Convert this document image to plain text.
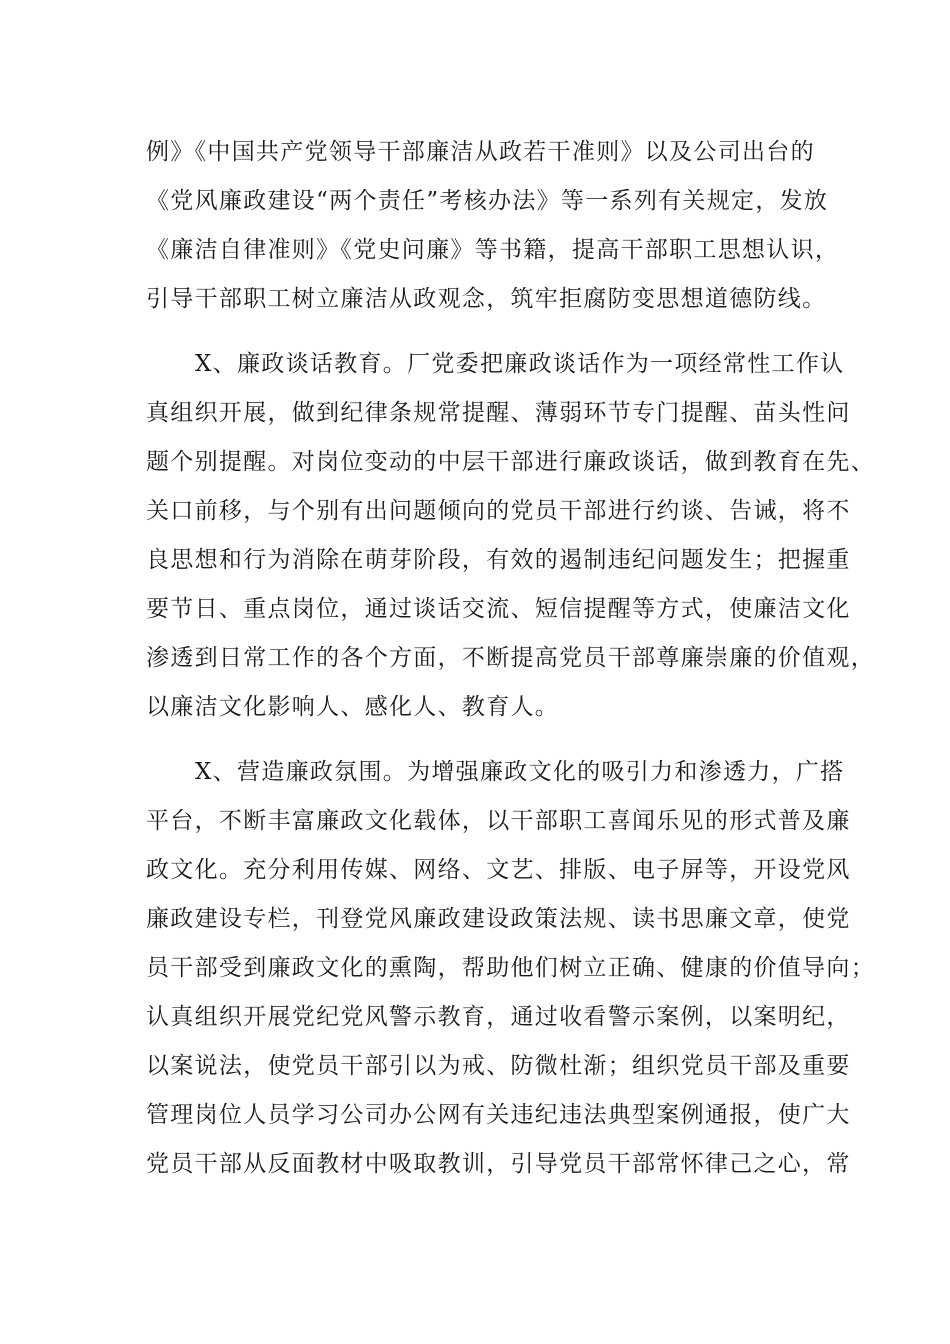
例》《中国共产党领导干部廉洁从政若干准则》以及公司出台的
《党风廉政建设“两个责任”考核办法》等一系列有关规定，发放
《廉洁自律准则》《党史问廉》等书籍，提高干部职工思想认识，
引导干部职工树立廉洁从政观念，筑牢拒腐防变思想道德防线。
X、廉政谈话教育。厂党委把廉政谈话作为一项经常性工作认
真组织开展，做到纪律条规常提醒、薄弱环节专门提醒、苗头性问
题个别提醒。对岗位变动的中层干部进行廉政谈话，做到教育在先、
关口前移，与个别有出问题倾向的党员干部进行约谈、告诫，将不
良思想和行为消除在萌芽阶段，有效的遏制违纪问题发生；把握重
要节日、重点岗位，通过谈话交流、短信提醒等方式，使廉洁文化
渗透到日常工作的各个方面，不断提高党员干部尊廉崇廉的价值观，
以廉洁文化影响人、感化人、教育人。
X、营造廉政氛围。为增强廉政文化的吸引力和渗透力，广搭
平台，不断丰富廉政文化载体，以干部职工喜闻乐见的形式普及廉
政文化。充分利用传媒、网络、文艺、排版、电子屏等，开设党风
廉政建设专栏，刊登党风廉政建设政策法规、读书思廉文章，使党
员干部受到廉政文化的熏陶，帮助他们树立正确、健康的价值导向；
认真组织开展党纪党风警示教育，通过收看警示案例，以案明纪，
以案说法，使党员干部引以为戒、防微杜渐；组织党员干部及重要
管理岗位人员学习公司办公网有关违纪违法典型案例通报，使广大
党员干部从反面教材中吸取教训，引导党员干部常怀律己之心，常
